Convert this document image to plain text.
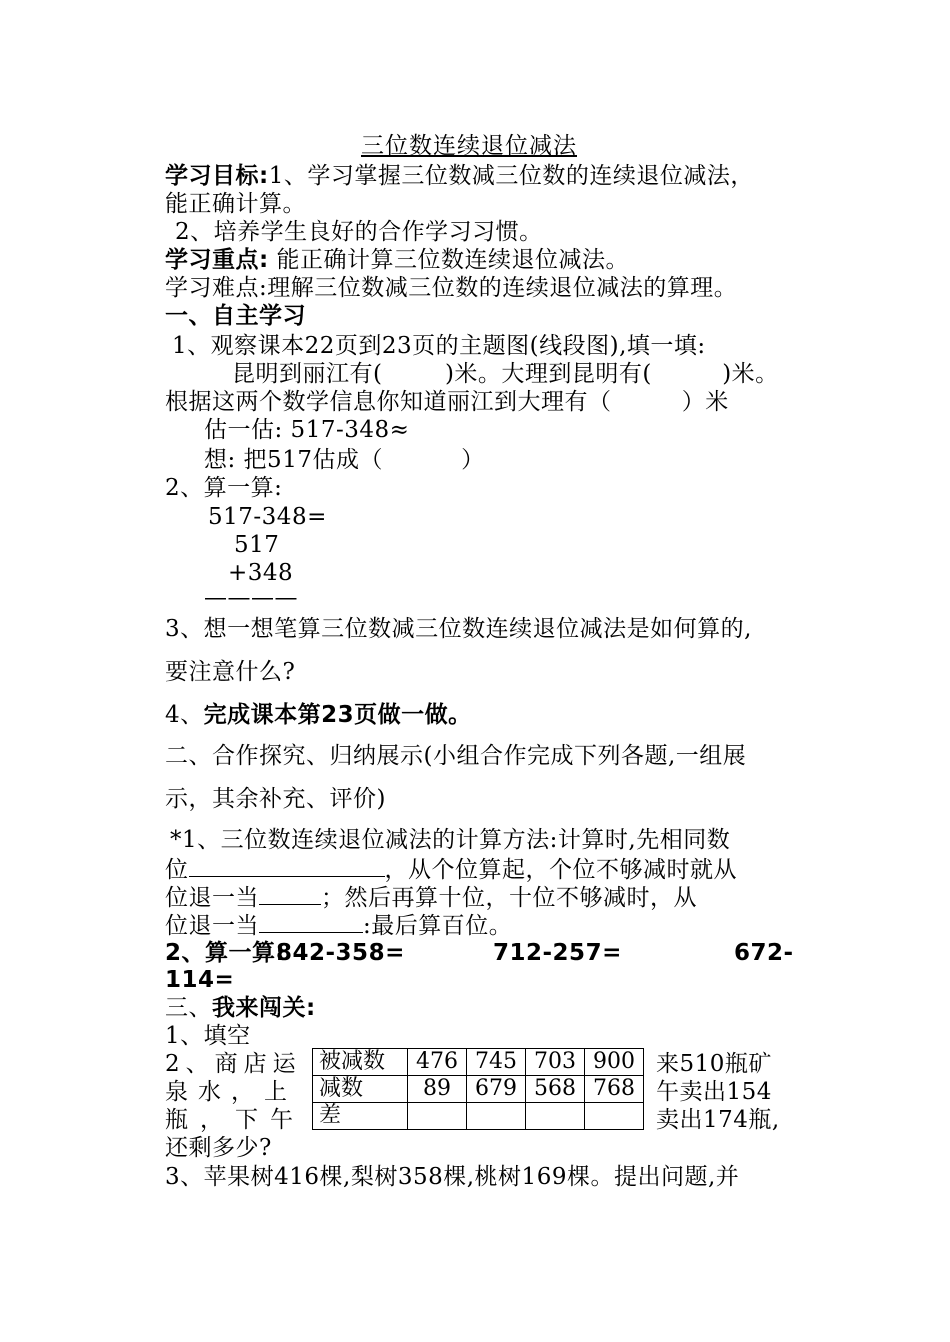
三位数连续退位减法
学习目标:1、学习掌握三位数减三位数的连续退位减法，
能正确计算。
2、培养学生良好的合作学习习惯。
学习重点: 能正确计算三位数连续退位减法。
学习难点:理解三位数减三位数的连续退位减法的算理。
一、自主学习
1、观察课本22页到23页的主题图(线段图),填一填:
昆明到丽江有(        )米。大理到昆明有(         )米。
根据这两个数学信息你知道丽江到大理有（         ）米
估一估: 517-348≈
想: 把517估成（          ）
2、算一算:
517-348=
517
+348
————
3、想一想笔算三位数减三位数连续退位减法是如何算的,
要注意什么?
4、完成课本第23页做一做。
二、合作探究、归纳展示(小组合作完成下列各题,一组展
示，其余补充、评价)
*1、三位数连续退位减法的计算方法:计算时,先相同数
位	，从个位算起，个位不够减时就从
位退一当	；然后再算十位，十位不够减时，从
位退一当	:最后算百位。
2、算一算:
842-358=	712-257=	672-
114=
三、我来闯关:
1、填空
2、商店运
泉水，上
瓶，下午
来510瓶矿
午卖出154
卖出174瓶,
还剩多少?
3、苹果树416棵,梨树358棵,桃树169棵。提出问题,并
被减数	476	745	703	900
减数	89	679	568	768
差				
